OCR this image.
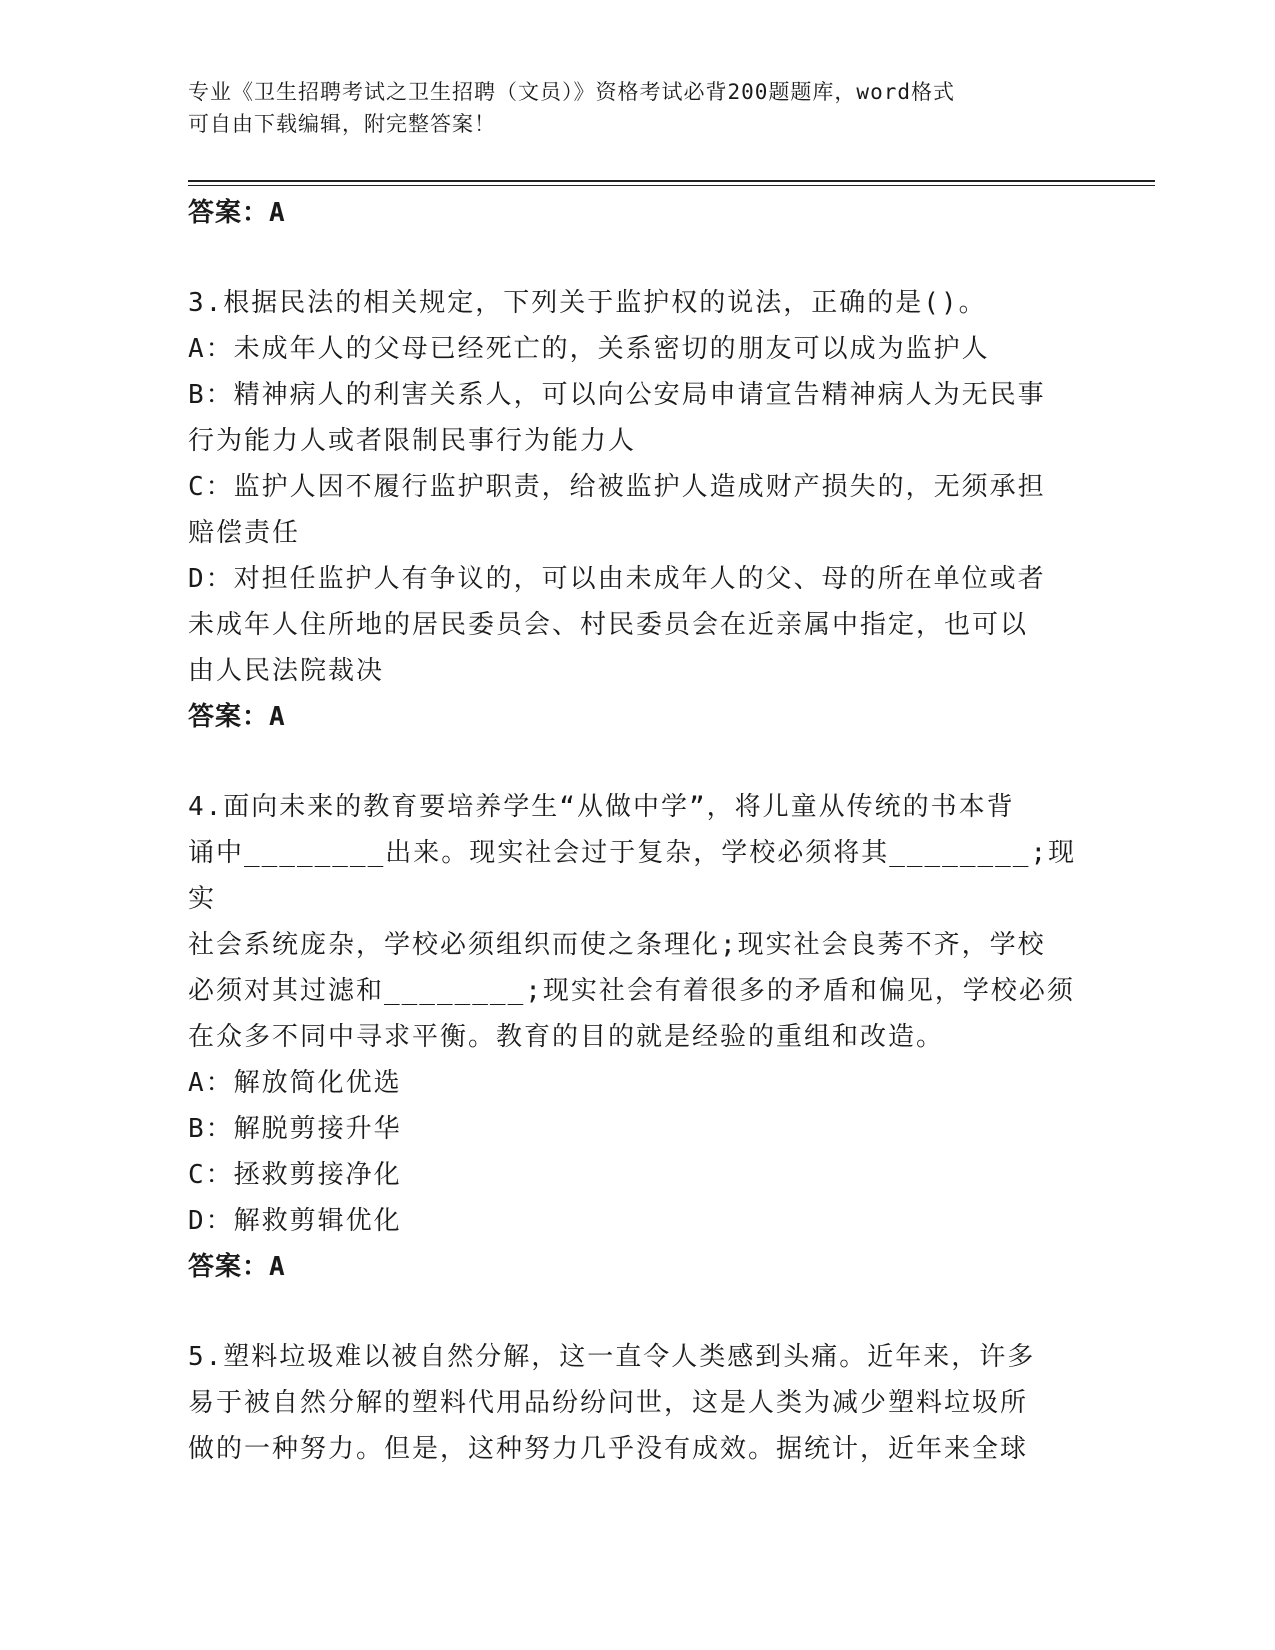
专业《卫生招聘考试之卫生招聘（文员）》资格考试必背200题题库，word格式
可自由下载编辑，附完整答案！

答案：A

3.根据民法的相关规定，下列关于监护权的说法，正确的是()。

A：未成年人的父母已经死亡的，关系密切的朋友可以成为监护人

B：精神病人的利害关系人，可以向公安局申请宣告精神病人为无民事

行为能力人或者限制民事行为能力人

C：监护人因不履行监护职责，给被监护人造成财产损失的，无须承担

赔偿责任

D：对担任监护人有争议的，可以由未成年人的父、母的所在单位或者

未成年人住所地的居民委员会、村民委员会在近亲属中指定，也可以

由人民法院裁决

答案：A

4.面向未来的教育要培养学生“从做中学”，将儿童从传统的书本背

诵中________出来。现实社会过于复杂，学校必须将其________;现实

社会系统庞杂，学校必须组织而使之条理化;现实社会良莠不齐，学校

必须对其过滤和________;现实社会有着很多的矛盾和偏见，学校必须

在众多不同中寻求平衡。教育的目的就是经验的重组和改造。

A：解放简化优选

B：解脱剪接升华

C：拯救剪接净化

D：解救剪辑优化

答案：A

5.塑料垃圾难以被自然分解，这一直令人类感到头痛。近年来，许多

易于被自然分解的塑料代用品纷纷问世，这是人类为减少塑料垃圾所

做的一种努力。但是，这种努力几乎没有成效。据统计，近年来全球
